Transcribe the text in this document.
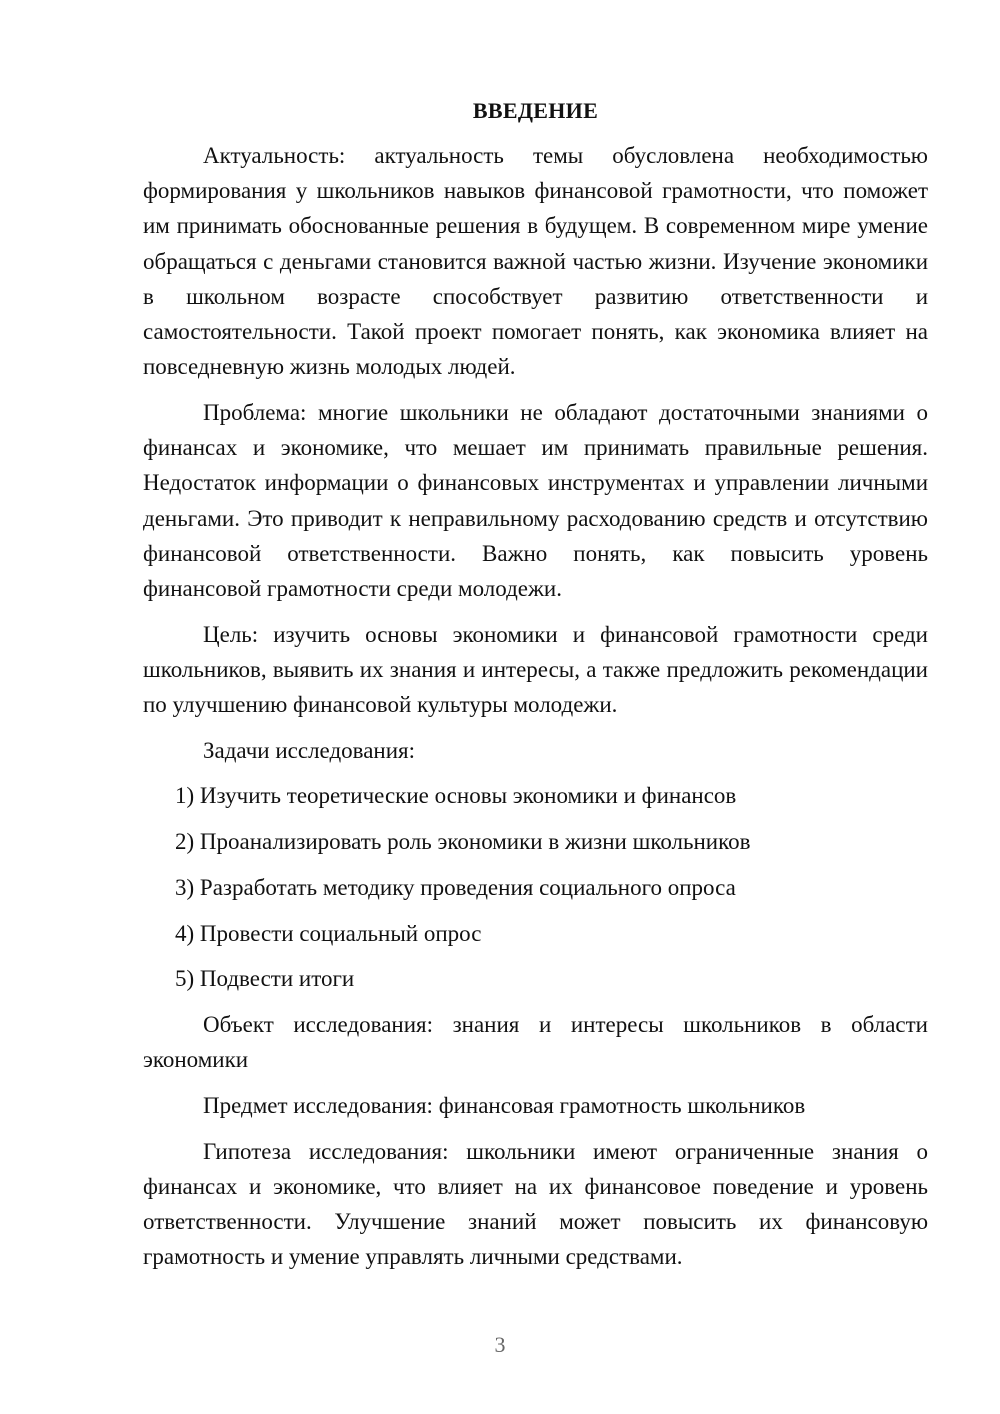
ВВЕДЕНИЕ

Актуальность: актуальность темы обусловлена необходимостью формирования у школьников навыков финансовой грамотности, что поможет им принимать обоснованные решения в будущем. В современном мире умение обращаться с деньгами становится важной частью жизни. Изучение экономики в школьном возрасте способствует развитию ответственности и самостоятельности. Такой проект помогает понять, как экономика влияет на повседневную жизнь молодых людей.

Проблема: многие школьники не обладают достаточными знаниями о финансах и экономике, что мешает им принимать правильные решения. Недостаток информации о финансовых инструментах и управлении личными деньгами. Это приводит к неправильному расходованию средств и отсутствию финансовой ответственности. Важно понять, как повысить уровень финансовой грамотности среди молодежи.

Цель: изучить основы экономики и финансовой грамотности среди школьников, выявить их знания и интересы, а также предложить рекомендации по улучшению финансовой культуры молодежи.

Задачи исследования:

1) Изучить теоретические основы экономики и финансов
2) Проанализировать роль экономики в жизни школьников
3) Разработать методику проведения социального опроса
4) Провести социальный опрос
5) Подвести итоги

Объект исследования: знания и интересы школьников в области экономики

Предмет исследования: финансовая грамотность школьников

Гипотеза исследования: школьники имеют ограниченные знания о финансах и экономике, что влияет на их финансовое поведение и уровень ответственности. Улучшение знаний может повысить их финансовую грамотность и умение управлять личными средствами.

3
